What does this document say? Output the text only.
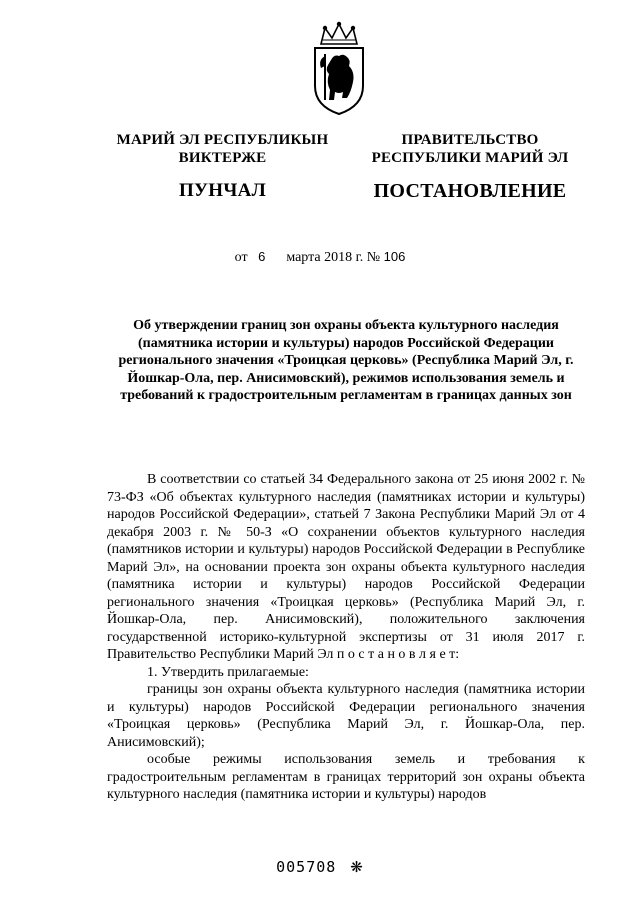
МАРИЙ ЭЛ РЕСПУБЛИКЫН
ВИКТЕРЖЕ
ПУНЧАЛ
ПРАВИТЕЛЬСТВО
РЕСПУБЛИКИ МАРИЙ ЭЛ
ПОСТАНОВЛЕНИЕ
от 6 марта 2018 г. № 106
Об утверждении границ зон охраны объекта культурного наследия (памятника истории и культуры) народов Российской Федерации регионального значения «Троицкая церковь» (Республика Марий Эл, г. Йошкар-Ола, пер. Анисимовский), режимов использования земель и требований к градостроительным регламентам в границах данных зон

В соответствии со статьей 34 Федерального закона от 25 июня 2002 г. № 73-ФЗ «Об объектах культурного наследия (памятниках истории и культуры) народов Российской Федерации», статьей 7 Закона Республики Марий Эл от 4 декабря 2003 г. № 50-З «О сохранении объектов культурного наследия (памятников истории и культуры) народов Российской Федерации в Республике Марий Эл», на основании проекта зон охраны объекта культурного наследия (памятника истории и культуры) народов Российской Федерации регионального значения «Троицкая церковь» (Республика Марий Эл, г. Йошкар-Ола, пер. Анисимовский), положительного заключения государственной историко-культурной экспертизы от 31 июля 2017 г. Правительство Республики Марий Эл п о с т а н о в л я е т:

1. Утвердить прилагаемые:

границы зон охраны объекта культурного наследия (памятника истории и культуры) народов Российской Федерации регионального значения «Троицкая церковь» (Республика Марий Эл, г. Йошкар-Ола, пер. Анисимовский);

особые режимы использования земель и требования к градостроительным регламентам в границах территорий зон охраны объекта культурного наследия (памятника истории и культуры) народов

005708 ❋
